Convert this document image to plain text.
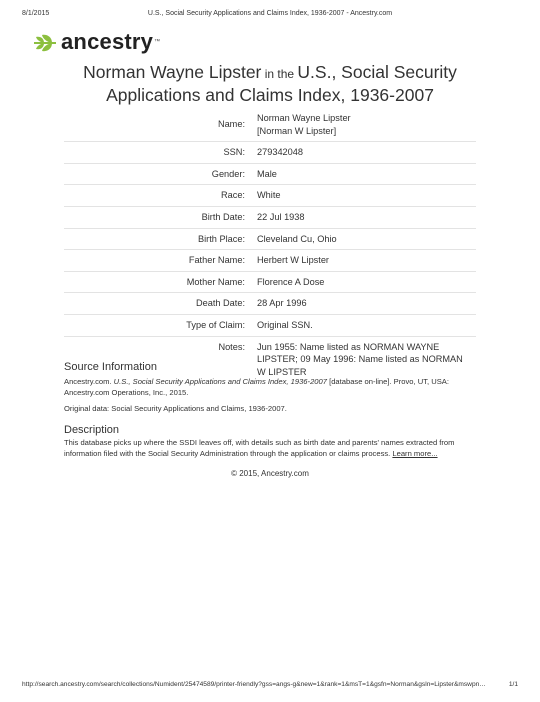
8/1/2015	U.S., Social Security Applications and Claims Index, 1936-2007 - Ancestry.com
ancestry ™
Norman Wayne Lipster in the U.S., Social Security Applications and Claims Index, 1936-2007
Name:	Norman Wayne Lipster
[Norman W Lipster]

SSN:	279342048
Gender:	Male
Race:	White
Birth Date:	22 Jul 1938
Birth Place:	Cleveland Cu, Ohio
Father Name:	Herbert W Lipster
Mother Name:	Florence A Dose
Death Date:	28 Apr 1996
Type of Claim:	Original SSN.
Notes:	Jun 1955: Name listed as NORMAN WAYNE LIPSTER; 09 May 1996: Name listed as NORMAN W LIPSTER
Source Information
Ancestry.com. U.S., Social Security Applications and Claims Index, 1936-2007 [database on-line]. Provo, UT, USA: Ancestry.com Operations, Inc., 2015.
Original data: Social Security Applications and Claims, 1936-2007.
Description
This database picks up where the SSDI leaves off, with details such as birth date and parents' names extracted from information filed with the Social Security Administration through the application or claims process. Learn more...
© 2015, Ancestry.com
http://search.ancestry.com/search/collections/Numident/25474589/printer-friendly?gss=angs-g&new=1&rank=1&msT=1&gsfn=Norman&gsln=Lipster&mswpn…	1/1
